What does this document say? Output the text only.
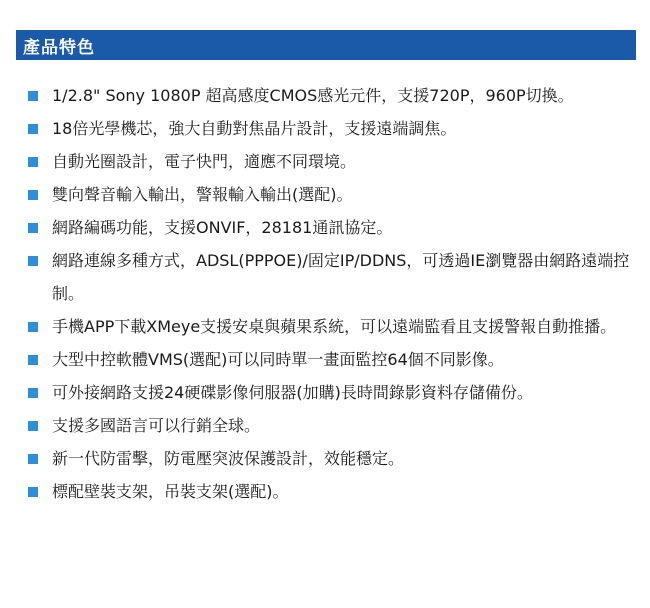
產品特色
1/2.8" Sony 1080P 超高感度CMOS感光元件，支援720P，960P切換。
18倍光學機芯，強大自動對焦晶片設計，支援遠端調焦。
自動光圈設計，電子快門，適應不同環境。
雙向聲音輸入輸出，警報輸入輸出(選配)。
網路編碼功能，支援ONVIF，28181通訊協定。
網路連線多種方式，ADSL(PPPOE)/固定IP/DDNS，可透過IE瀏覽器由網路遠端控制。
手機APP下載XMeye支援安桌與蘋果系統，可以遠端監看且支援警報自動推播。
大型中控軟體VMS(選配)可以同時單一畫面監控64個不同影像。
可外接網路支援24硬碟影像伺服器(加購)長時間錄影資料存儲備份。
支援多國語言可以行銷全球。
新一代防雷擊，防電壓突波保護設計，效能穩定。
標配壁裝支架，吊裝支架(選配)。
